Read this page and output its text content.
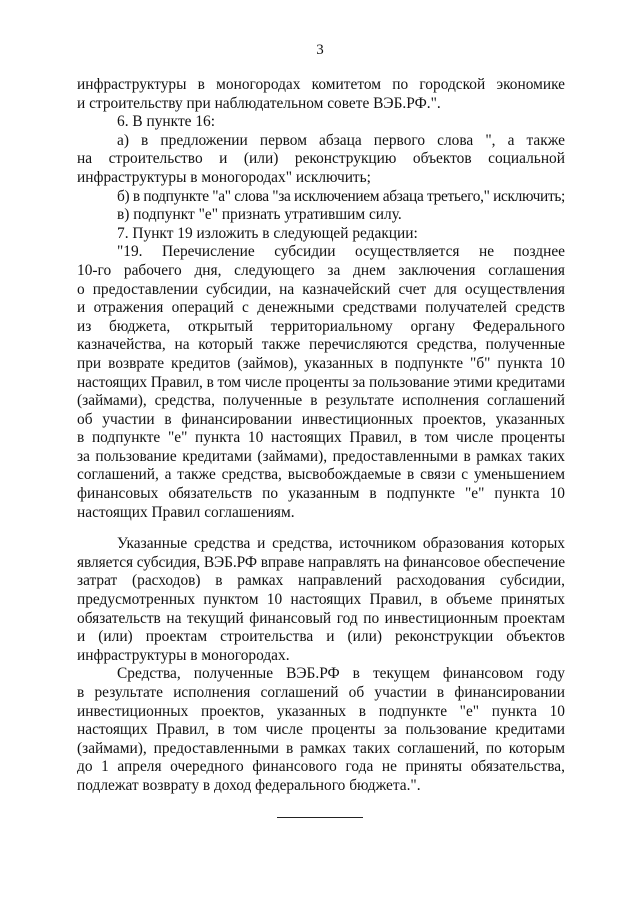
3
инфраструктуры в моногородах комитетом по городской экономике
и строительству при наблюдательном совете ВЭБ.РФ.".
6. В пункте 16:
а) в предложении первом абзаца первого слова ", а также
на строительство и (или) реконструкцию объектов социальной
инфраструктуры в моногородах" исключить;
б) в подпункте "а" слова "за исключением абзаца третьего," исключить;
в) подпункт "е" признать утратившим силу.
7. Пункт 19 изложить в следующей редакции:
"19. Перечисление субсидии осуществляется не позднее
10-го рабочего дня, следующего за днем заключения соглашения
о предоставлении субсидии, на казначейский счет для осуществления
и отражения операций с денежными средствами получателей средств
из бюджета, открытый территориальному органу Федерального
казначейства, на который также перечисляются средства, полученные
при возврате кредитов (займов), указанных в подпункте "б" пункта 10
настоящих Правил, в том числе проценты за пользование этими кредитами
(займами), средства, полученные в результате исполнения соглашений
об участии в финансировании инвестиционных проектов, указанных
в подпункте "е" пункта 10 настоящих Правил, в том числе проценты
за пользование кредитами (займами), предоставленными в рамках таких
соглашений, а также средства, высвобождаемые в связи с уменьшением
финансовых обязательств по указанным в подпункте "е" пункта 10
настоящих Правил соглашениям.
Указанные средства и средства, источником образования которых
является субсидия, ВЭБ.РФ вправе направлять на финансовое обеспечение
затрат (расходов) в рамках направлений расходования субсидии,
предусмотренных пунктом 10 настоящих Правил, в объеме принятых
обязательств на текущий финансовый год по инвестиционным проектам
и (или) проектам строительства и (или) реконструкции объектов
инфраструктуры в моногородах.
Средства, полученные ВЭБ.РФ в текущем финансовом году
в результате исполнения соглашений об участии в финансировании
инвестиционных проектов, указанных в подпункте "е" пункта 10
настоящих Правил, в том числе проценты за пользование кредитами
(займами), предоставленными в рамках таких соглашений, по которым
до 1 апреля очередного финансового года не приняты обязательства,
подлежат возврату в доход федерального бюджета.".
